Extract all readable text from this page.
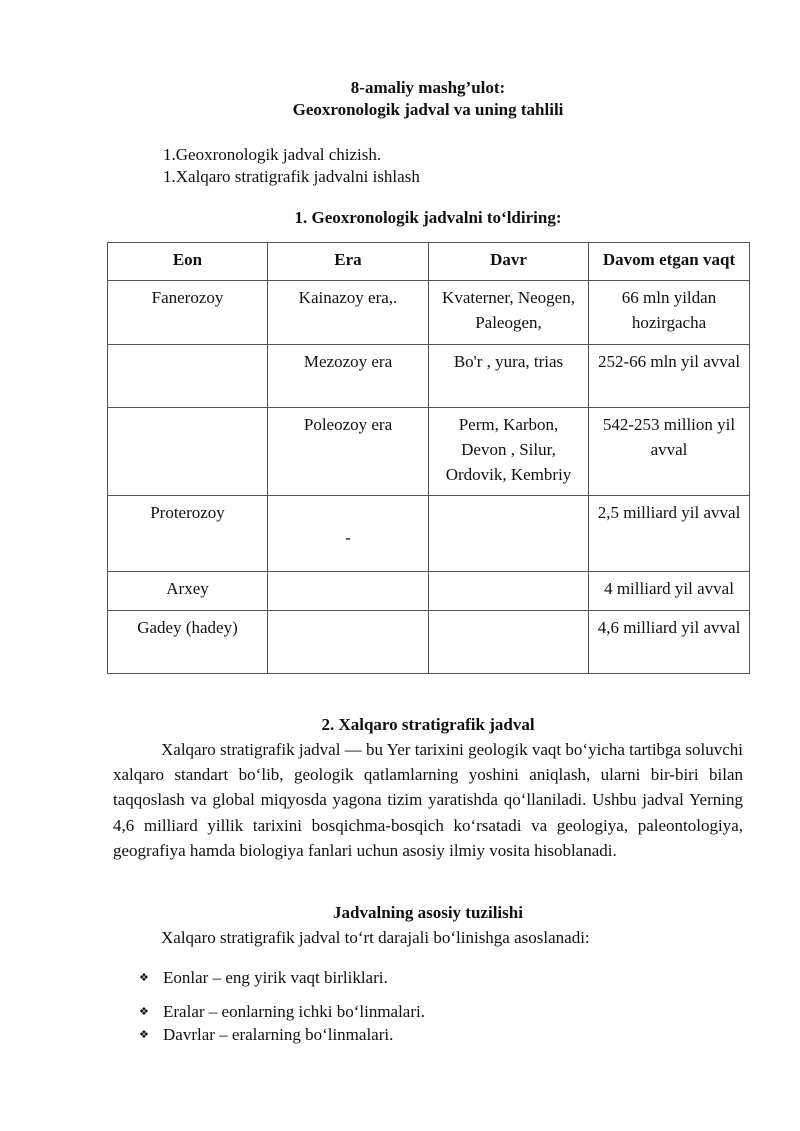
8-amaliy mashg’ulot:
Geoxronologik jadval va uning tahlili
1.Geoxronologik jadval chizish.
1.Xalqaro stratigrafik jadvalni ishlash
1. Geoxronologik jadvalni to‘ldiring:
Eon	Era	Davr	Davom etgan vaqt
Fanerozoy	Kainazoy era,.	Kvaterner, Neogen, Paleogen,	66 mln yildan hozirgacha
	Mezozoy era	Bo'r , yura, trias	252-66 mln yil avval
	Poleozoy era	Perm, Karbon, Devon , Silur, Ordovik, Kembriy	542-253 million yil avval
Proterozoy	-		2,5 milliard yil avval
Arxey			4 milliard yil avval
Gadey (hadey)			4,6 milliard yil avval
2. Xalqaro stratigrafik jadval
Xalqaro stratigrafik jadval — bu Yer tarixini geologik vaqt bo‘yicha tartibga soluvchi xalqaro standart bo‘lib, geologik qatlamlarning yoshini aniqlash, ularni bir-biri bilan taqqoslash va global miqyosda yagona tizim yaratishda qo‘llaniladi. Ushbu jadval Yerning 4,6 milliard yillik tarixini bosqichma-bosqich ko‘rsatadi va geologiya, paleontologiya, geografiya hamda biologiya fanlari uchun asosiy ilmiy vosita hisoblanadi.
Jadvalning asosiy tuzilishi
Xalqaro stratigrafik jadval to‘rt darajali bo‘linishga asoslanadi:
❖ Eonlar – eng yirik vaqt birliklari.
❖ Eralar – eonlarning ichki bo‘linmalari.
❖ Davrlar – eralarning bo‘linmalari.
